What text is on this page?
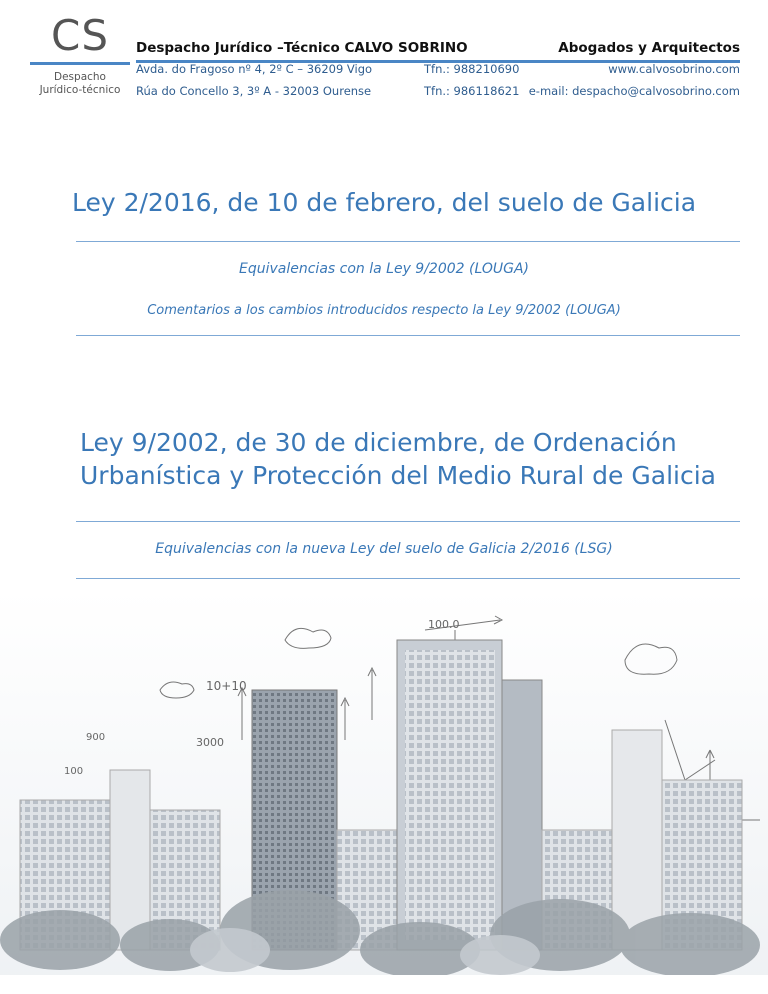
CS
Despacho
Jurídico-técnico
Despacho Jurídico –Técnico CALVO SOBRINO	Abogados y Arquitectos
Avda. do Fragoso nº 4, 2º C – 36209 Vigo	Tfn.: 988210690	www.calvosobrino.com
Rúa do Concello 3, 3º A - 32003 Ourense	Tfn.: 986118621 e-mail: despacho@calvosobrino.com
Ley 2/2016, de 10 de febrero, del suelo de Galicia
Equivalencias con la Ley 9/2002 (LOUGA)
Comentarios a los cambios introducidos respecto la Ley 9/2002 (LOUGA)
Ley 9/2002, de 30 de diciembre, de Ordenación
Urbanística y Protección del Medio Rural de Galicia
Equivalencias con la nueva Ley del suelo de Galicia 2/2016 (LSG)
100.0
10+10
3000
900
100
